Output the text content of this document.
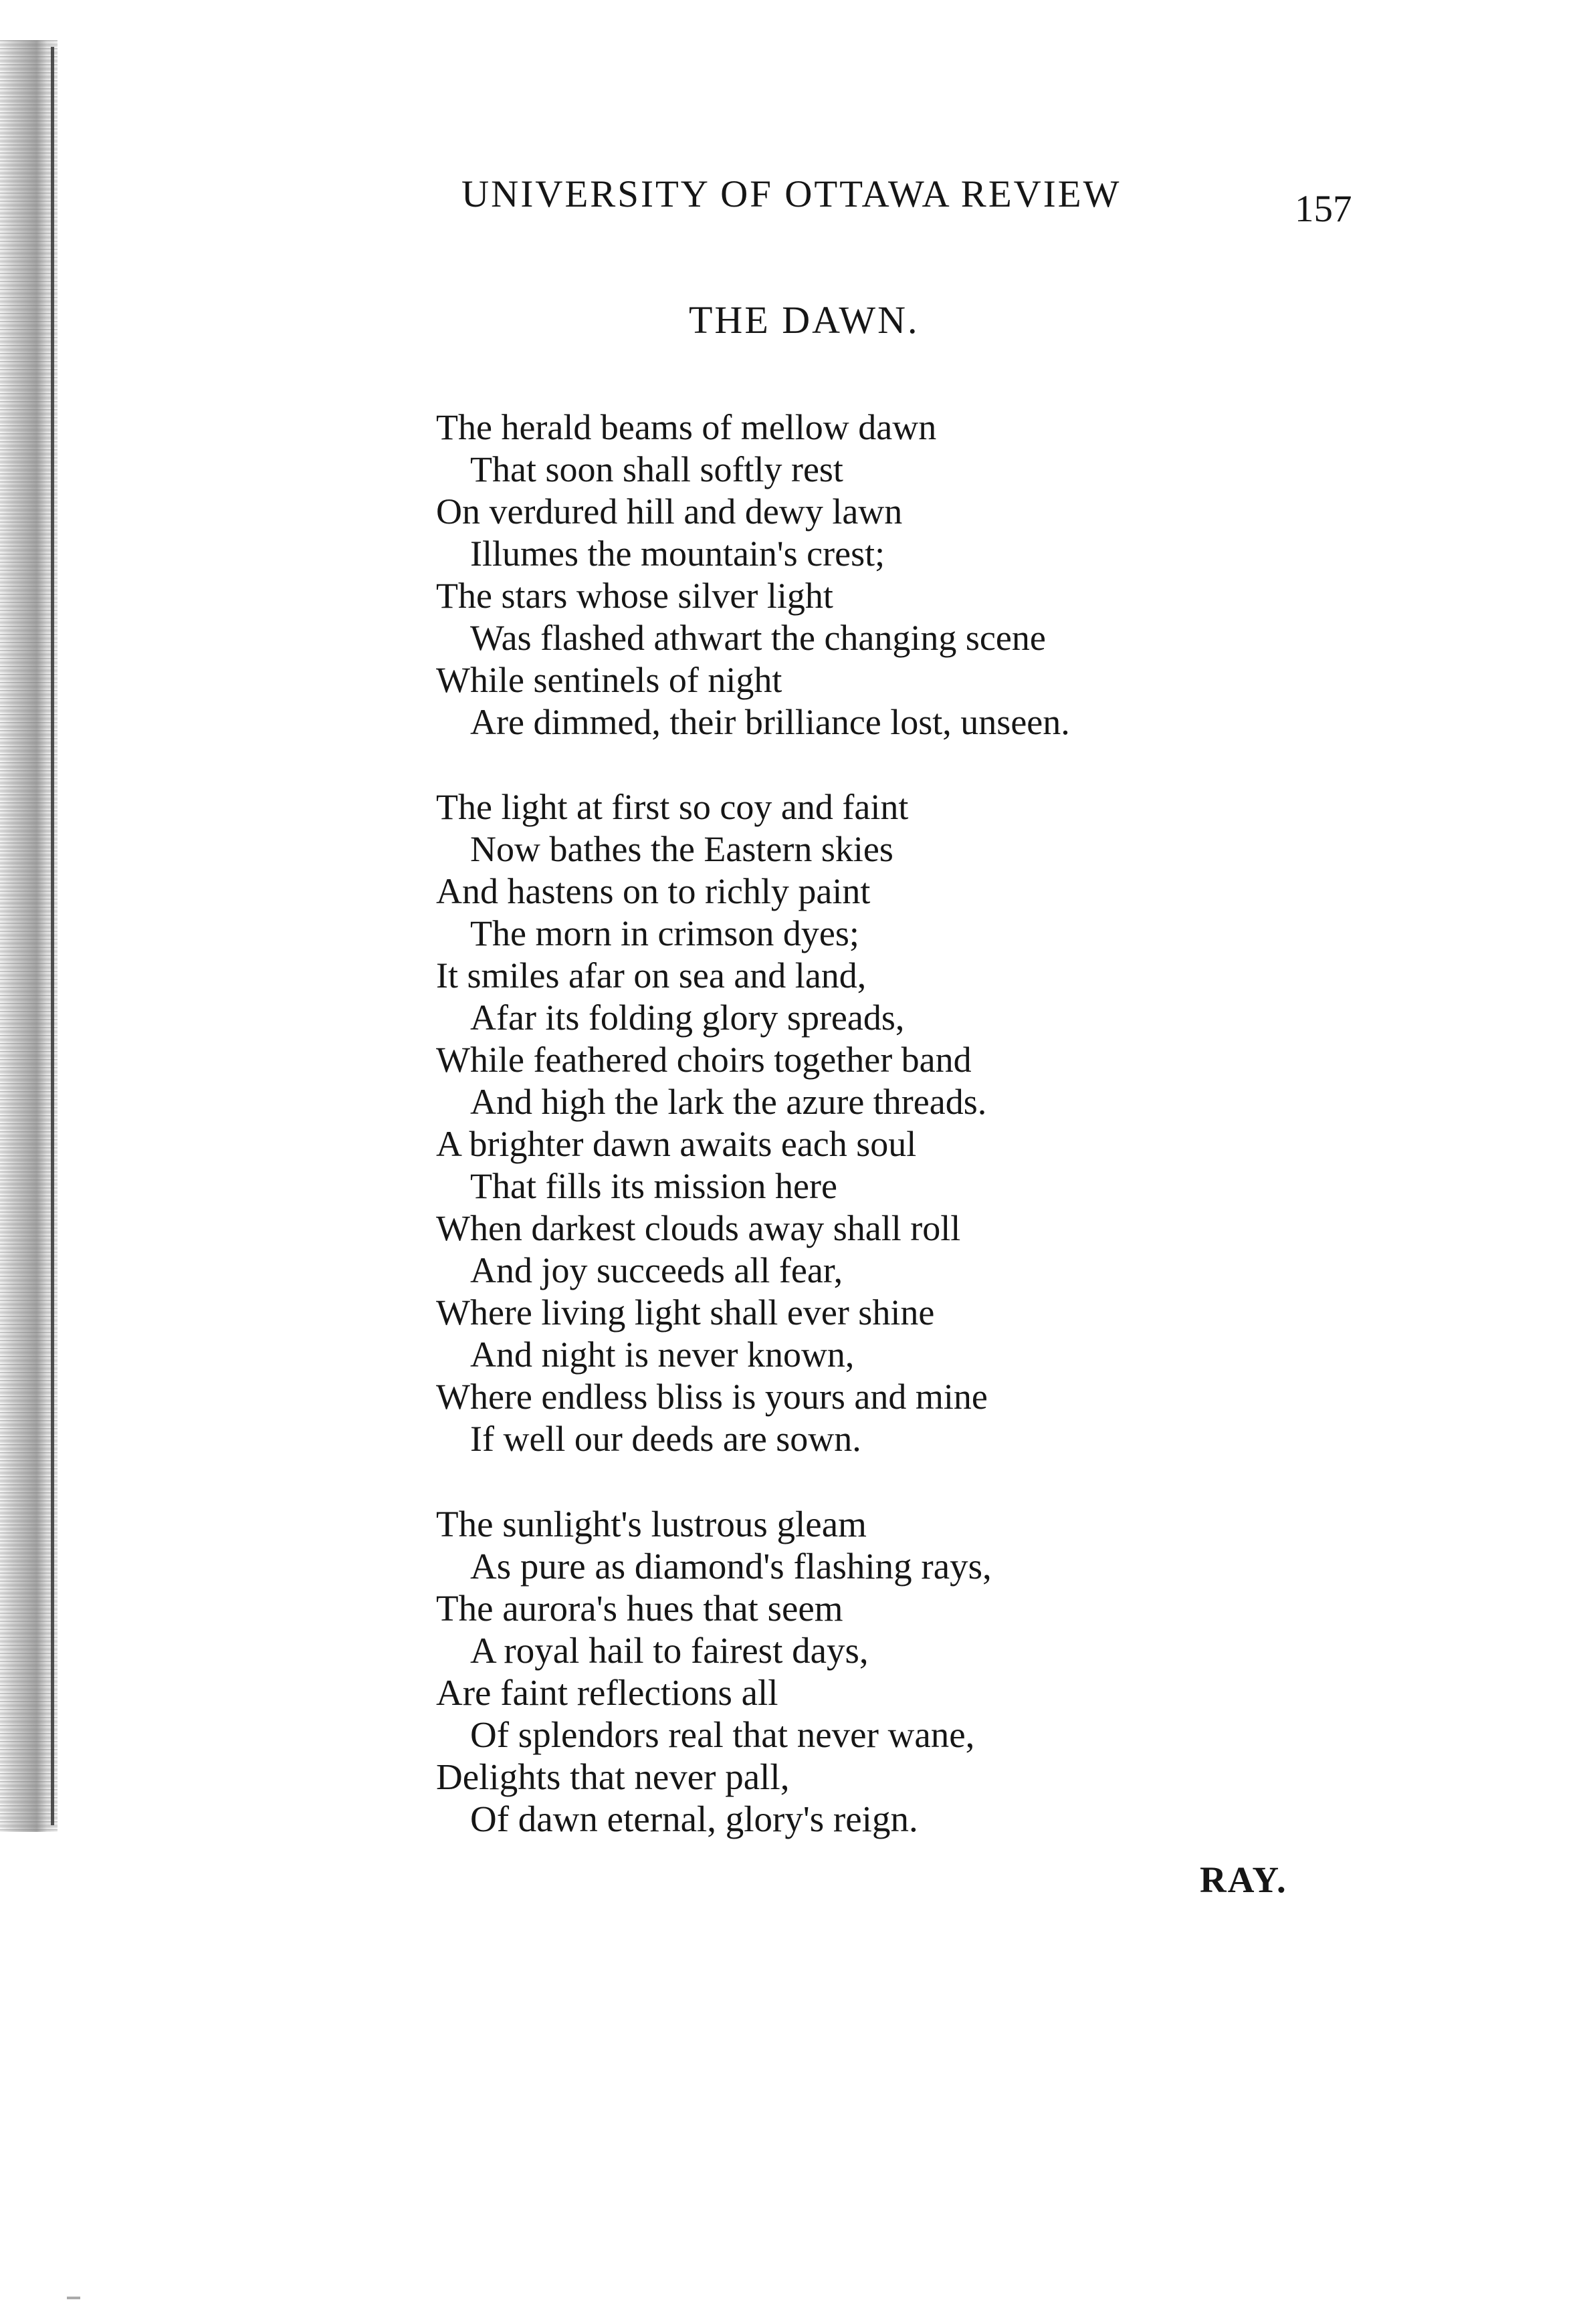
UNIVERSITY OF OTTAWA REVIEW	157
THE DAWN.
The herald beams of mellow dawn
That soon shall softly rest
On verdured hill and dewy lawn
Illumes the mountain's crest;
The stars whose silver light
Was flashed athwart the changing scene
While sentinels of night
Are dimmed, their brilliance lost, unseen.
The light at first so coy and faint
Now bathes the Eastern skies
And hastens on to richly paint
The morn in crimson dyes;
It smiles afar on sea and land,
Afar its folding glory spreads,
While feathered choirs together band
And high the lark the azure threads.
A brighter dawn awaits each soul
That fills its mission here
When darkest clouds away shall roll
And joy succeeds all fear,
Where living light shall ever shine
And night is never known,
Where endless bliss is yours and mine
If well our deeds are sown.
The sunlight's lustrous gleam
As pure as diamond's flashing rays,
The aurora's hues that seem
A royal hail to fairest days,
Are faint reflections all
Of splendors real that never wane,
Delights that never pall,
Of dawn eternal, glory's reign.
RAY.
